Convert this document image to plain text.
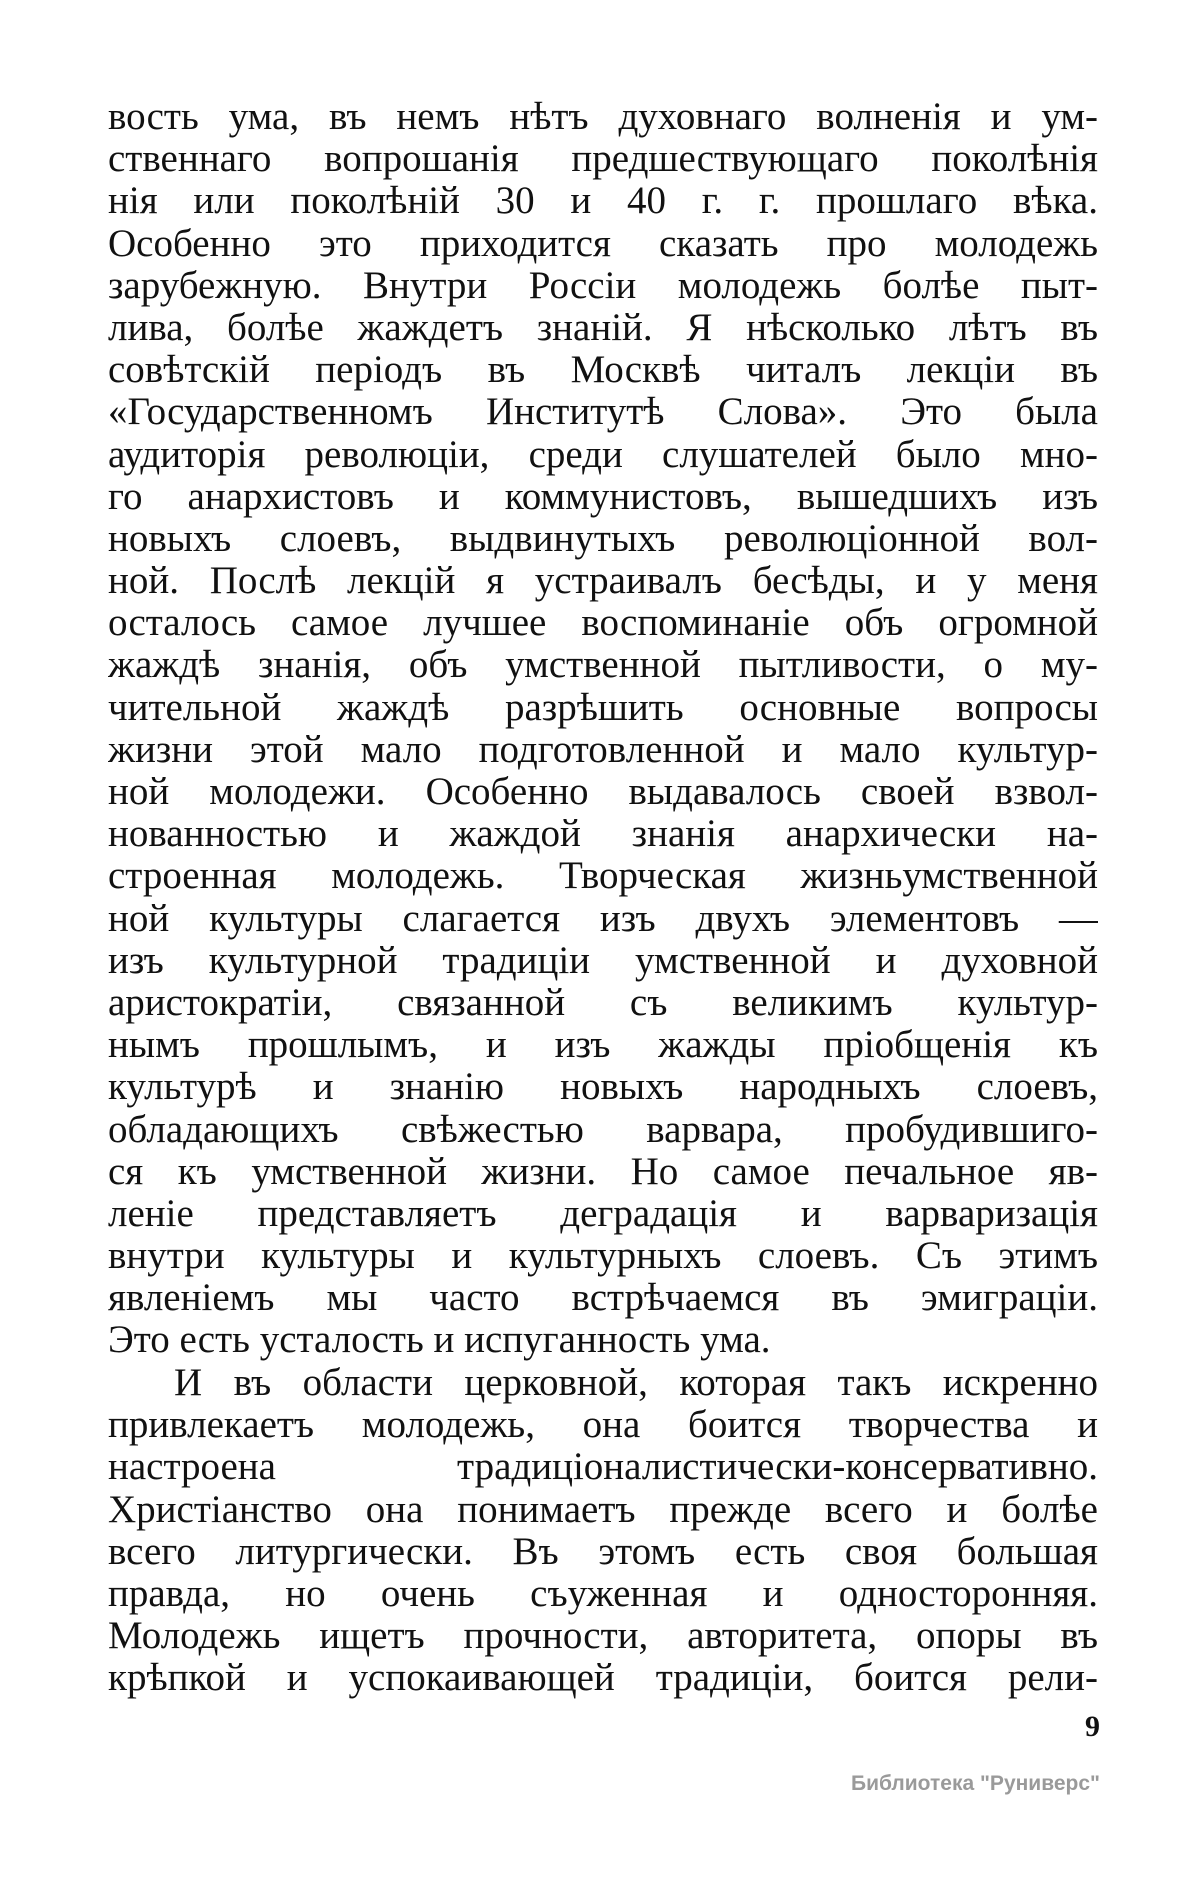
вость ума, въ немъ нѣтъ духовнаго волненія и ум-
ственнаго вопрошанія предшествующаго поколѣнія
нія или поколѣній 30 и 40 г. г. прошлаго вѣка.
Особенно это приходится сказать про молодежь
зарубежную. Внутри Россіи молодежь болѣе пыт-
лива, болѣе жаждетъ знаній. Я нѣсколько лѣтъ въ
совѣтскій періодъ въ Москвѣ читалъ лекціи въ
«Государственномъ Институтѣ Слова». Это была
аудиторія революціи, среди слушателей было мно-
го анархистовъ и коммунистовъ, вышедшихъ изъ
новыхъ слоевъ, выдвинутыхъ революціонной вол-
ной. Послѣ лекцій я устраивалъ бесѣды, и у меня
осталось самое лучшее воспоминаніе объ огромной
жаждѣ знанія, объ умственной пытливости, о му-
чительной жаждѣ разрѣшить основные вопросы
жизни этой мало подготовленной и мало культур-
ной молодежи. Особенно выдавалось своей взвол-
нованностью и жаждой знанія анархически на-
строенная молодежь. Творческая жизньумственной
ной культуры слагается изъ двухъ элементовъ —
изъ культурной традиціи умственной и духовной
аристократіи, связанной съ великимъ культур-
нымъ прошлымъ, и изъ жажды пріобщенія къ
культурѣ и знанію новыхъ народныхъ слоевъ,
обладающихъ свѣжестью варвара, пробудившиго-
ся къ умственной жизни. Но самое печальное яв-
леніе представляетъ деградація и варваризація
внутри культуры и культурныхъ слоевъ. Съ этимъ
явленіемъ мы часто встрѣчаемся въ эмиграціи.
Это есть усталость и испуганность ума.
И въ области церковной, которая такъ искренно
привлекаетъ молодежь, она боится творчества и
настроена традиціоналистически-консервативно.
Христіанство она понимаетъ прежде всего и болѣе
всего литургически. Въ этомъ есть своя большая
правда, но очень съуженная и односторонняя.
Молодежь ищетъ прочности, авторитета, опоры въ
крѣпкой и успокаивающей традиціи, боится рели-
9
Библиотека "Руниверс"
